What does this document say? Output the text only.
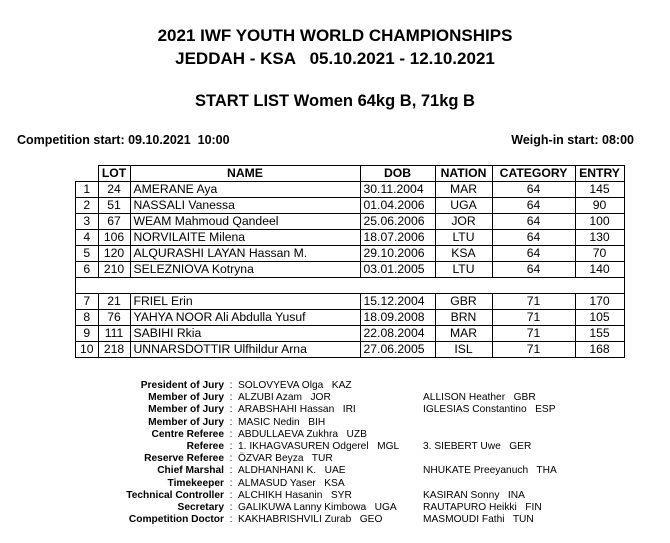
2021 IWF YOUTH WORLD CHAMPIONSHIPS
JEDDAH - KSA   05.10.2021 - 12.10.2021
START LIST Women 64kg B, 71kg B
Competition start: 09.10.2021  10:00	Weigh-in start: 08:00
	LOT	NAME	DOB	NATION	CATEGORY	ENTRY
1	24	AMERANE Aya	30.11.2004	MAR	64	145
2	51	NASSALI Vanessa	01.04.2006	UGA	64	90
3	67	WEAM Mahmoud Qandeel	25.06.2006	JOR	64	100
4	106	NORVILAITE Milena	18.07.2006	LTU	64	130
5	120	ALQURASHI LAYAN Hassan M.	29.10.2006	KSA	64	70
6	210	SELEZNIOVA Kotryna	03.01.2005	LTU	64	140

7	21	FRIEL Erin	15.12.2004	GBR	71	170
8	76	YAHYA NOOR Ali Abdulla Yusuf	18.09.2008	BRN	71	105
9	111	SABIHI Rkia	22.08.2004	MAR	71	155
10	218	UNNARSDOTTIR Ulfhildur Arna	27.06.2005	ISL	71	168
President of Jury	:	SOLOVYEVA Olga   KAZ	
Member of Jury	:	ALZUBI Azam   JOR	ALLISON Heather   GBR
Member of Jury	:	ARABSHAHI Hassan   IRI	IGLESIAS Constantino   ESP
Member of Jury	:	MASIC Nedin   BIH	
Centre Referee	:	ABDULLAEVA Zukhra   UZB	
Referee	:	1. IKHAGVASUREN Odgerel   MGL	3. SIEBERT Uwe   GER
Reserve Referee	:	ÖZVAR Beyza   TUR	
Chief Marshal	:	ALDHANHANI K.   UAE	NHUKATE Preeyanuch   THA
Timekeeper	:	ALMASUD Yaser   KSA	
Technical Controller	:	ALCHIKH Hasanin   SYR	KASIRAN Sonny   INA
Secretary	:	GALIKUWA Lanny Kimbowa   UGA	RAUTAPURO Heikki   FIN
Competition Doctor	:	KAKHABRISHVILI Zurab   GEO	MASMOUDI Fathi   TUN
